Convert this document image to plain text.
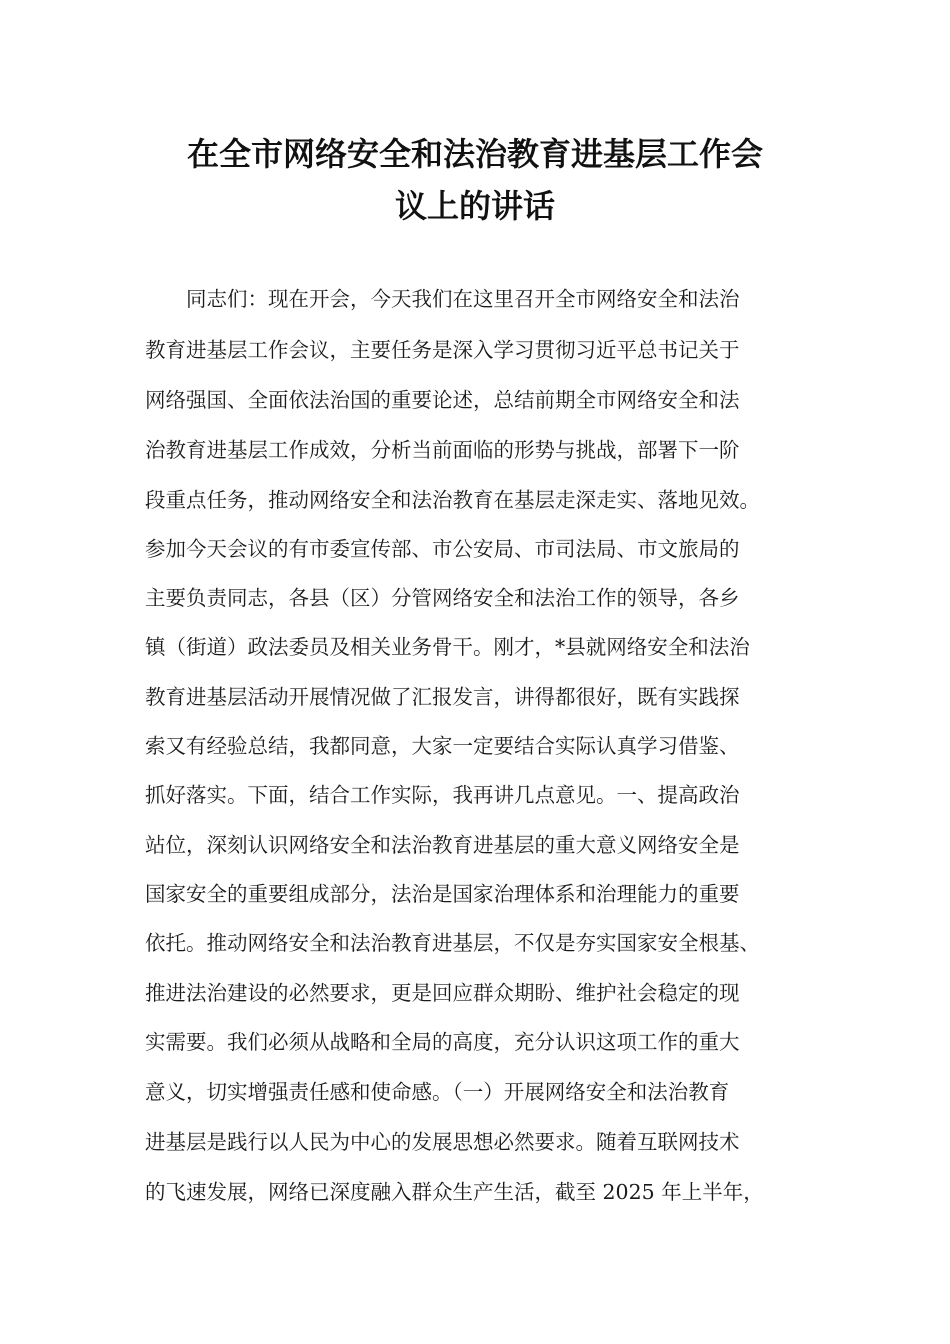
在全市网络安全和法治教育进基层工作会
议上的讲话

　　同志们：现在开会，今天我们在这里召开全市网络安全和法治

教育进基层工作会议，主要任务是深入学习贯彻习近平总书记关于

网络强国、全面依法治国的重要论述，总结前期全市网络安全和法

治教育进基层工作成效，分析当前面临的形势与挑战，部署下一阶

段重点任务，推动网络安全和法治教育在基层走深走实、落地见效。

参加今天会议的有市委宣传部、市公安局、市司法局、市文旅局的

主要负责同志，各县（区）分管网络安全和法治工作的领导，各乡

镇（街道）政法委员及相关业务骨干。刚才，*县就网络安全和法治

教育进基层活动开展情况做了汇报发言，讲得都很好，既有实践探

索又有经验总结，我都同意，大家一定要结合实际认真学习借鉴、

抓好落实。下面，结合工作实际，我再讲几点意见。一、提高政治

站位，深刻认识网络安全和法治教育进基层的重大意义网络安全是

国家安全的重要组成部分，法治是国家治理体系和治理能力的重要

依托。推动网络安全和法治教育进基层，不仅是夯实国家安全根基、

推进法治建设的必然要求，更是回应群众期盼、维护社会稳定的现

实需要。我们必须从战略和全局的高度，充分认识这项工作的重大

意义，切实增强责任感和使命感。（一）开展网络安全和法治教育

进基层是践行以人民为中心的发展思想必然要求。随着互联网技术

的飞速发展，网络已深度融入群众生产生活，截至 2025 年上半年，
